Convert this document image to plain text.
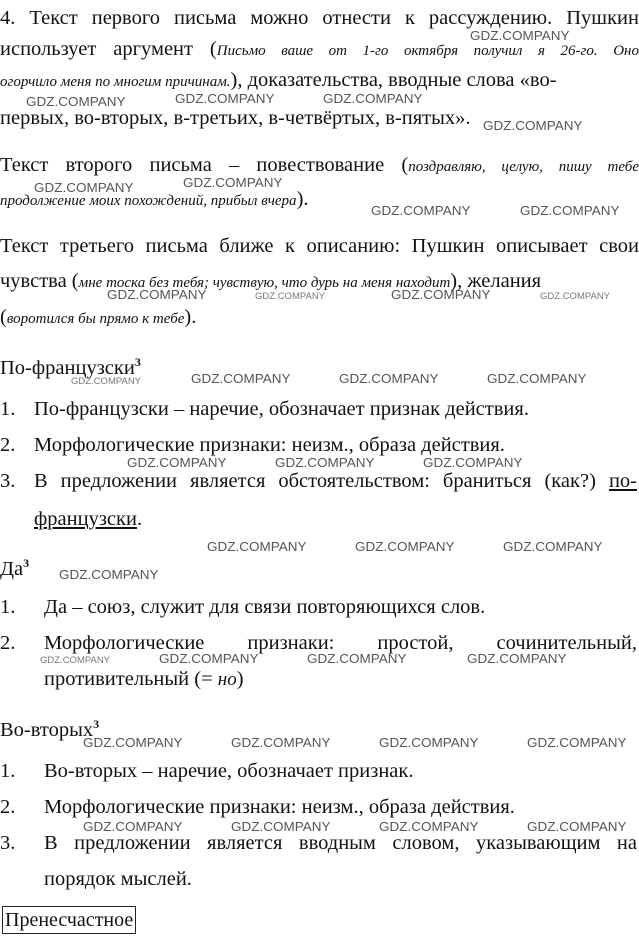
4. Текст первого письма можно отнести к рассуждению. Пушкин
использует аргумент (Письмо ваше от 1-го октября получил я 26-го. Оно
огорчило меня по многим причинам.), доказательства, вводные слова «во-
первых, во-вторых, в-третьих, в-четвёртых, в-пятых».
Текст второго письма – повествование (поздравляю, целую, пишу тебе
продолжение моих похождений, прибыл вчера).
Текст третьего письма ближе к описанию: Пушкин описывает свои
чувства (мне тоска без тебя; чувствую, что дурь на меня находит), желания
(воротился бы прямо к тебе).
По-французски$^3$
1. По-французски – наречие, обозначает признак действия.
2. Морфологические признаки: неизм., образа действия.
3. В предложении является обстоятельством: браниться (как?) по-
французски.
$Да^3$
1. Да – союз, служит для связи повторяющихся слов.
2. Морфологические признаки: простой, сочинительный,
противительный (= но)
Во-вторых$^3$
1. Во-вторых – наречие, обозначает признак.
2. Морфологические признаки: неизм., образа действия.
3. В предложении является вводным словом, указывающим на
порядок мыслей.
Пренесчастное
GDZ.COMPANY
GDZ.COMPANY	GDZ.COMPANY	GDZ.COMPANY
GDZ.COMPANY
GDZ.COMPANY	GDZ.COMPANY
GDZ.COMPANY	GDZ.COMPANY
GDZ.COMPANY	GDZ.COMPANY	GDZ.COMPANY	GDZ.COMPANY
GDZ.COMPANY	GDZ.COMPANY	GDZ.COMPANY	GDZ.COMPANY
GDZ.COMPANY	GDZ.COMPANY	GDZ.COMPANY
GDZ.COMPANY	GDZ.COMPANY	GDZ.COMPANY
GDZ.COMPANY
GDZ.COMPANY	GDZ.COMPANY	GDZ.COMPANY	GDZ.COMPANY
GDZ.COMPANY	GDZ.COMPANY	GDZ.COMPANY	GDZ.COMPANY
GDZ.COMPANY	GDZ.COMPANY	GDZ.COMPANY	GDZ.COMPANY
